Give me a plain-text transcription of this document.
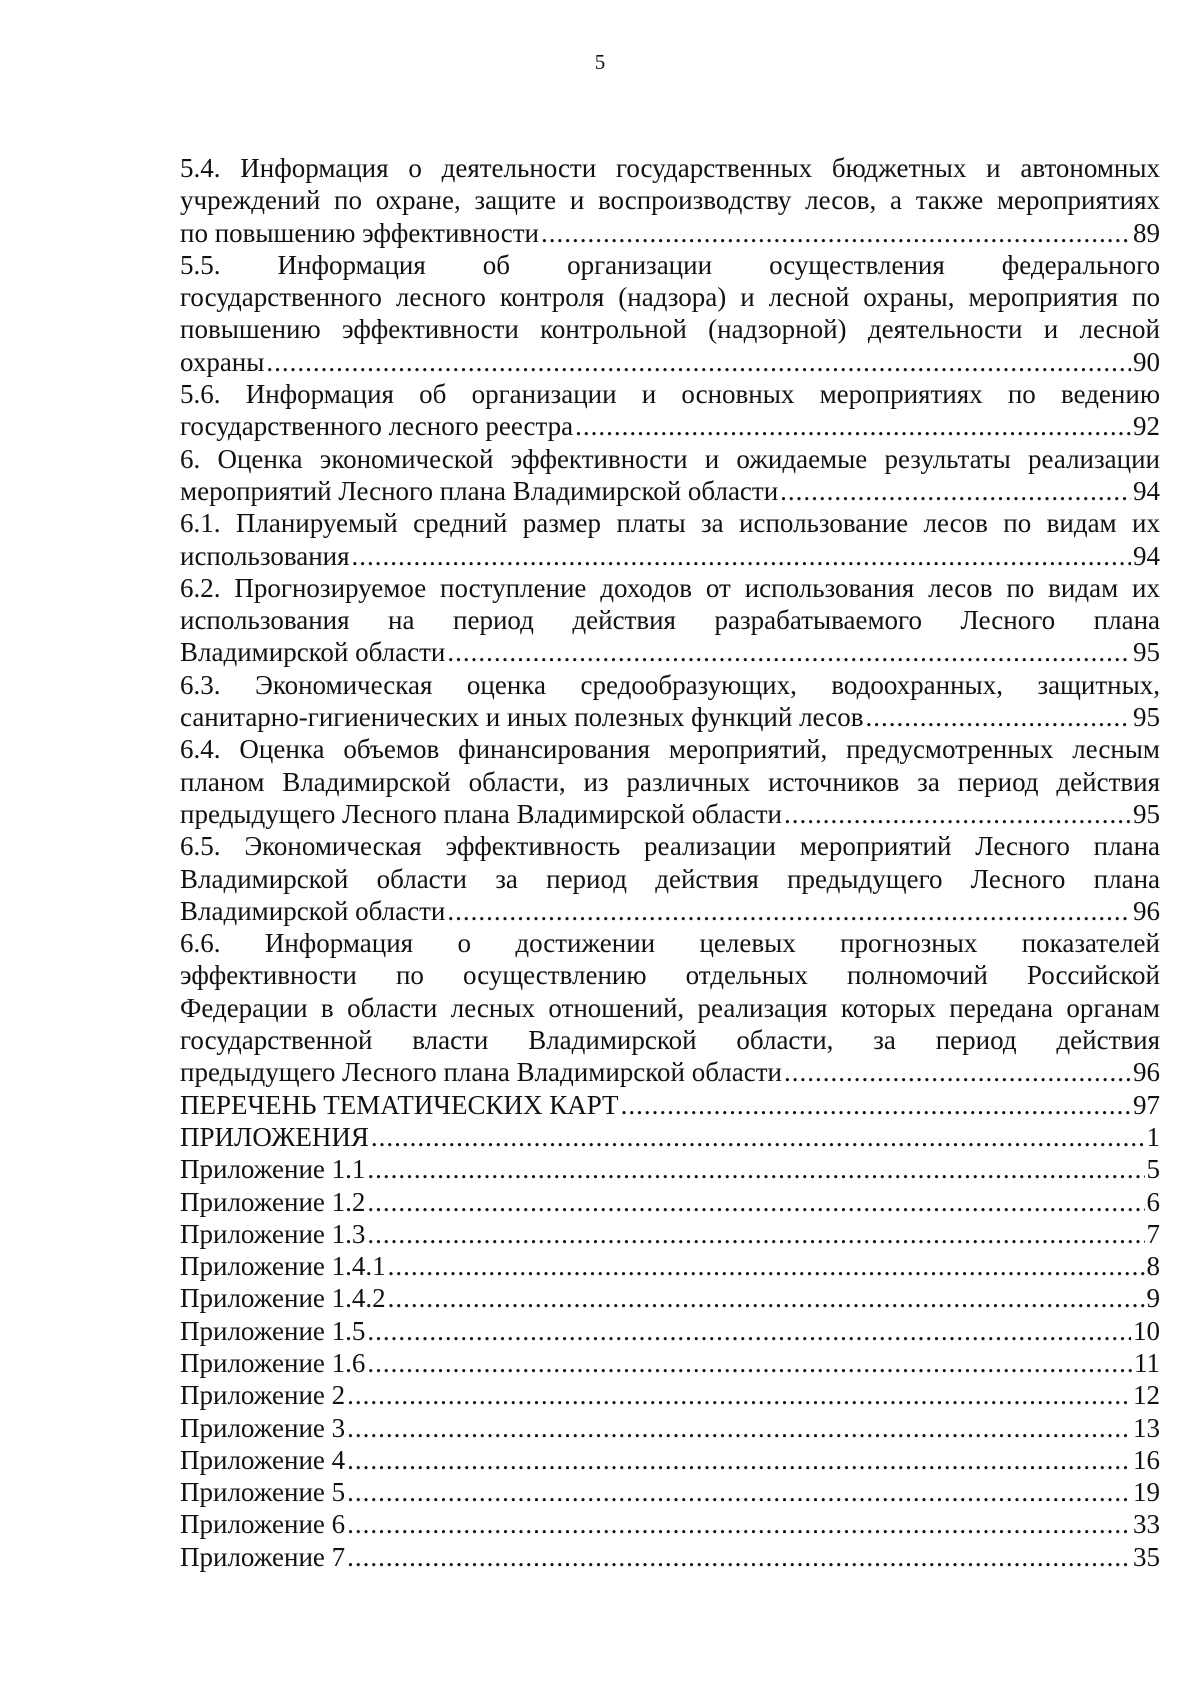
5
5.4. Информация о деятельности государственных бюджетных и автономных
учреждений по охране, защите и воспроизводству лесов, а также мероприятиях
по повышению эффективности .....	89
5.5. Информация об организации осуществления федерального
государственного лесного контроля (надзора) и лесной охраны, мероприятия по
повышению эффективности контрольной (надзорной) деятельности и лесной
охраны .....	90
5.6. Информация об организации и основных мероприятиях по ведению
государственного лесного реестра .....	92
6. Оценка экономической эффективности и ожидаемые результаты реализации
мероприятий Лесного плана Владимирской области .....	94
6.1. Планируемый средний размер платы за использование лесов по видам их
использования .....	94
6.2. Прогнозируемое поступление доходов от использования лесов по видам их
использования на период действия разрабатываемого Лесного плана
Владимирской области .....	95
6.3. Экономическая оценка средообразующих, водоохранных, защитных,
санитарно-гигиенических и иных полезных функций лесов .....	95
6.4. Оценка объемов финансирования мероприятий, предусмотренных лесным
планом Владимирской области, из различных источников за период действия
предыдущего Лесного плана Владимирской области .....	95
6.5. Экономическая эффективность реализации мероприятий Лесного плана
Владимирской области за период действия предыдущего Лесного плана
Владимирской области .....	96
6.6. Информация о достижении целевых прогнозных показателей
эффективности по осуществлению отдельных полномочий Российской
Федерации в области лесных отношений, реализация которых передана органам
государственной власти Владимирской области, за период действия
предыдущего Лесного плана Владимирской области .....	96
ПЕРЕЧЕНЬ ТЕМАТИЧЕСКИХ КАРТ .....	97
ПРИЛОЖЕНИЯ .....	1
Приложение 1.1 .....	5
Приложение 1.2 .....	6
Приложение 1.3 .....	7
Приложение 1.4.1 .....	8
Приложение 1.4.2 .....	9
Приложение 1.5 .....	10
Приложение 1.6 .....	11
Приложение 2 .....	12
Приложение 3 .....	13
Приложение 4 .....	16
Приложение 5 .....	19
Приложение 6 .....	33
Приложение 7 .....	35
